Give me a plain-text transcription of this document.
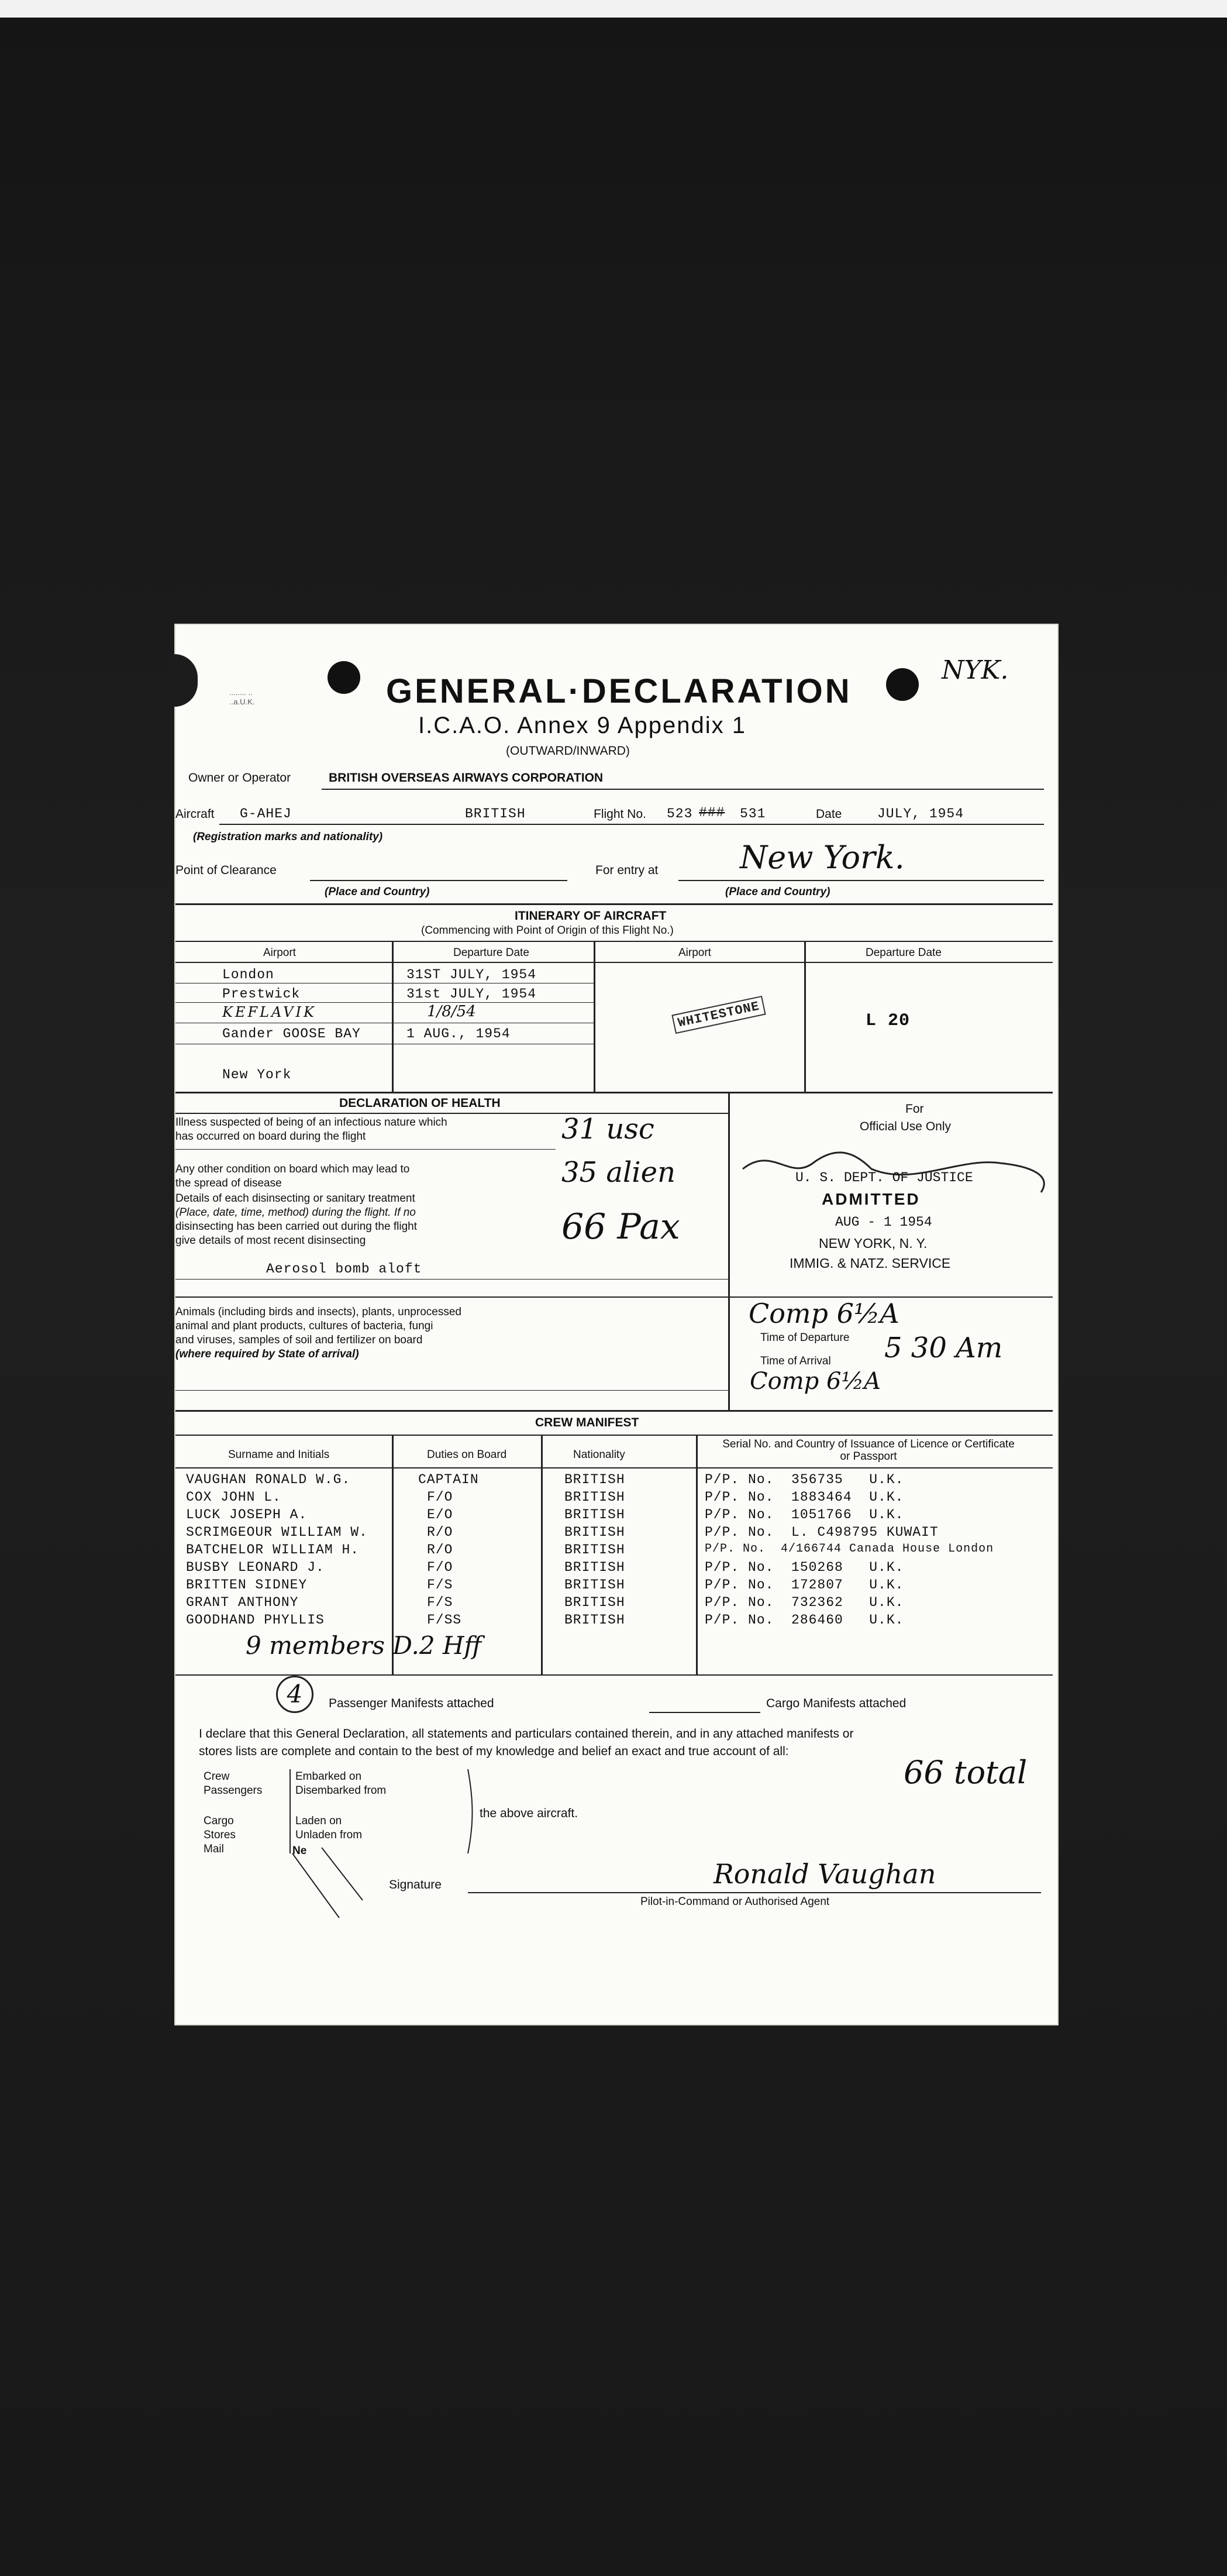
........ ..
..a.U.K.
NYK.
GENERAL·DECLARATION
I.C.A.O. Annex 9 Appendix 1
(OUTWARD/INWARD)
Owner or Operator	BRITISH OVERSEAS AIRWAYS CORPORATION
Aircraft G-AHEJ	BRITISH	Flight No. 523 ### 531	Date	JULY, 1954
(Registration marks and nationality)
Point of Clearance	For entry at	New York.
(Place and Country)	(Place and Country)
ITINERARY OF AIRCRAFT
(Commencing with Point of Origin of this Flight No.)
Airport	Departure Date	Airport	Departure Date
London	31ST JULY, 1954
Prestwick	31st JULY, 1954
KEFLAVIK	1/8/54
Gander GOOSE BAY	1 AUG., 1954
New York
WHITESTONE	L 20
DECLARATION OF HEALTH
Illness suspected of being of an infectious nature which
has occurred on board during the flight	31 usc
Any other condition on board which may lead to
the spread of disease	35 alien
Details of each disinsecting or sanitary treatment
(Place, date, time, method) during the flight. If no
disinsecting has been carried out during the flight
give details of most recent disinsecting	66 Pax
Aerosol bomb aloft
Animals (including birds and insects), plants, unprocessed
animal and plant products, cultures of bacteria, fungi
and viruses, samples of soil and fertilizer on board
(where required by State of arrival)
For
Official Use Only
U. S. DEPT. OF JUSTICE
ADMITTED
AUG - 1 1954
NEW YORK, N. Y.
IMMIG. & NATZ. SERVICE
Comp 6½A
Time of Departure
Time of Arrival 5 30 Am
Comp 6½A
CREW MANIFEST
Surname and Initials	Duties on Board	Nationality
Serial No. and Country of Issuance of Licence or Certificate or Passport
VAUGHAN RONALD W.G.	CAPTAIN	BRITISH	P/P. No.  356735   U.K.
COX JOHN L.	F/O	BRITISH	P/P. No.  1883464  U.K.
LUCK JOSEPH A.	E/O	BRITISH	P/P. No.  1051766  U.K.
SCRIMGEOUR WILLIAM W.	R/O	BRITISH	P/P. No.  L. C498795 KUWAIT
BATCHELOR WILLIAM H.	R/O	BRITISH	P/P. No.  4/166744 Canada House London
BUSBY LEONARD J.	F/O	BRITISH	P/P. No.  150268   U.K.
BRITTEN SIDNEY	F/S	BRITISH	P/P. No.  172807   U.K.
GRANT ANTHONY	F/S	BRITISH	P/P. No.  732362   U.K.
GOODHAND PHYLLIS	F/SS	BRITISH	P/P. No.  286460   U.K.
9 members D.2 Hff
4	Passenger Manifests attached	Cargo Manifests attached
I declare that this General Declaration, all statements and particulars contained therein, and in any attached manifests or
stores lists are complete and contain to the best of my knowledge and belief an exact and true account of all:
66 total
Crew
Passengers
Embarked on
Disembarked from
Cargo
Stores
Mail
Laden on
Unladen from
Ne
the above aircraft.
Signature	Ronald Vaughan
Pilot-in-Command or Authorised Agent
